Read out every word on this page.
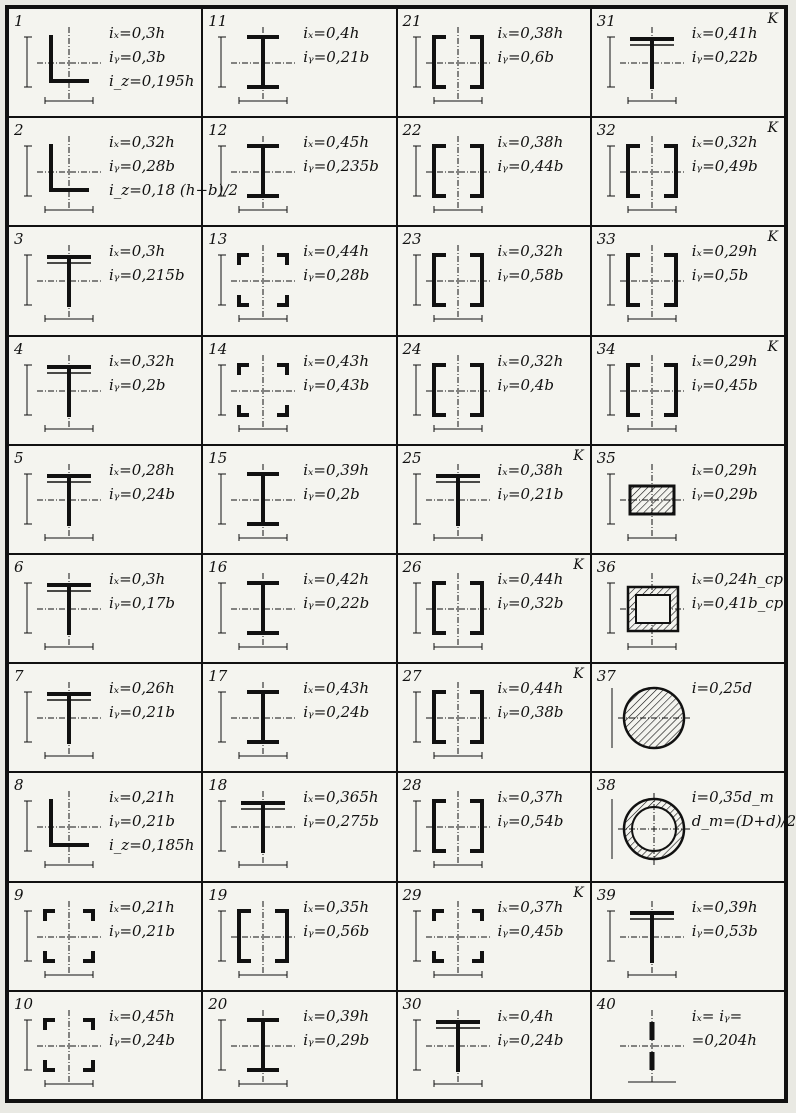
1
iₓ=0,3h
iᵧ=0,3b
i_z=0,195h
11
iₓ=0,4h
iᵧ=0,21b
21
iₓ=0,38h
iᵧ=0,6b
31	K
iₓ=0,41h
iᵧ=0,22b
2
iₓ=0,32h
iᵧ=0,28b
i_z=0,18 (h+b)/2
12
iₓ=0,45h
iᵧ=0,235b
22
iₓ=0,38h
iᵧ=0,44b
32	K
iₓ=0,32h
iᵧ=0,49b
3
iₓ=0,3h
iᵧ=0,215b
13
iₓ=0,44h
iᵧ=0,28b
23
iₓ=0,32h
iᵧ=0,58b
33	K
iₓ=0,29h
iᵧ=0,5b
4
iₓ=0,32h
iᵧ=0,2b
14
iₓ=0,43h
iᵧ=0,43b
24
iₓ=0,32h
iᵧ=0,4b
34	K
iₓ=0,29h
iᵧ=0,45b
5
iₓ=0,28h
iᵧ=0,24b
15
iₓ=0,39h
iᵧ=0,2b
25	K
iₓ=0,38h
iᵧ=0,21b
35
iₓ=0,29h
iᵧ=0,29b
6
iₓ=0,3h
iᵧ=0,17b
16
iₓ=0,42h
iᵧ=0,22b
26	K
iₓ=0,44h
iᵧ=0,32b
36
iₓ=0,24h_cp
iᵧ=0,41b_cp
7
iₓ=0,26h
iᵧ=0,21b
17
iₓ=0,43h
iᵧ=0,24b
27	K
iₓ=0,44h
iᵧ=0,38b
37
i=0,25d
8
iₓ=0,21h
iᵧ=0,21b
i_z=0,185h
18
iₓ=0,365h
iᵧ=0,275b
28
iₓ=0,37h
iᵧ=0,54b
38
i=0,35d_m
d_m=(D+d)/2
9
iₓ=0,21h
iᵧ=0,21b
19
iₓ=0,35h
iᵧ=0,56b
29	K
iₓ=0,37h
iᵧ=0,45b
39
iₓ=0,39h
iᵧ=0,53b
10
iₓ=0,45h
iᵧ=0,24b
20
iₓ=0,39h
iᵧ=0,29b
30
iₓ=0,4h
iᵧ=0,24b
40
iₓ= iᵧ=
=0,204h
